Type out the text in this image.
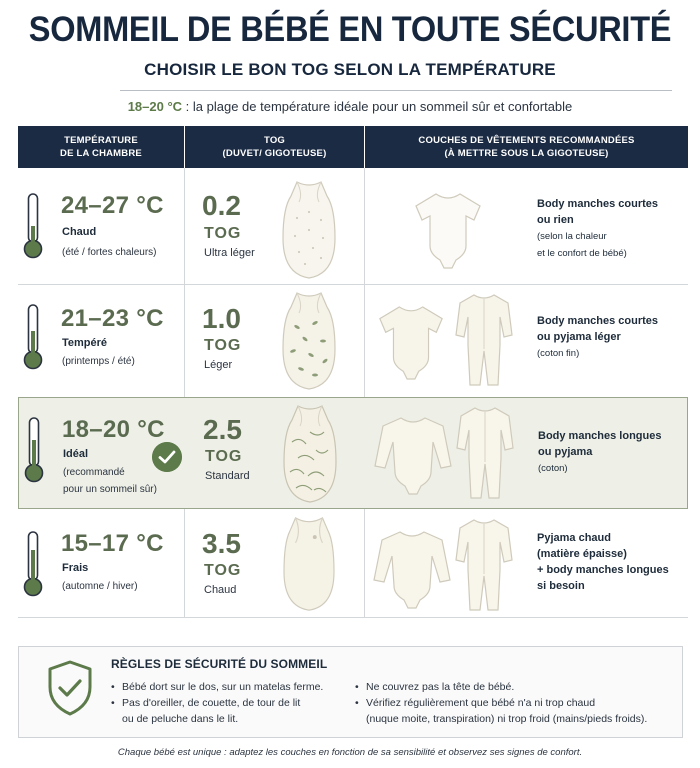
SOMMEIL DE BÉBÉ EN TOUTE SÉCURITÉ
CHOISIR LE BON TOG SELON LA TEMPÉRATURE
18–20 °C : la plage de température idéale pour un sommeil sûr et confortable
TEMPÉRATURE
DE LA CHAMBRE
TOG
(DUVET/ GIGOTEUSE)
COUCHES DE VÊTEMENTS RECOMMANDÉES
(À METTRE SOUS LA GIGOTEUSE)
24–27 °C
Chaud
(été / fortes chaleurs)
0.2
TOG
Ultra léger
Body manches courtes
ou rien
(selon la chaleur
et le confort de bébé)
21–23 °C
Tempéré
(printemps / été)
1.0
TOG
Léger
Body manches courtes
ou pyjama léger
(coton fin)
18–20 °C
Idéal
(recommandé
pour un sommeil sûr)
2.5
TOG
Standard
Body manches longues
ou pyjama
(coton)
15–17 °C
Frais
(automne / hiver)
3.5
TOG
Chaud
Pyjama chaud
(matière épaisse)
+ body manches longues
si besoin
RÈGLES DE SÉCURITÉ DU SOMMEIL
• Bébé dort sur le dos, sur un matelas ferme.
• Pas d'oreiller, de couette, de tour de lit
ou de peluche dans le lit.
• Ne couvrez pas la tête de bébé.
• Vérifiez régulièrement que bébé n'a ni trop chaud
(nuque moite, transpiration) ni trop froid (mains/pieds froids).
Chaque bébé est unique : adaptez les couches en fonction de sa sensibilité et observez ses signes de confort.
